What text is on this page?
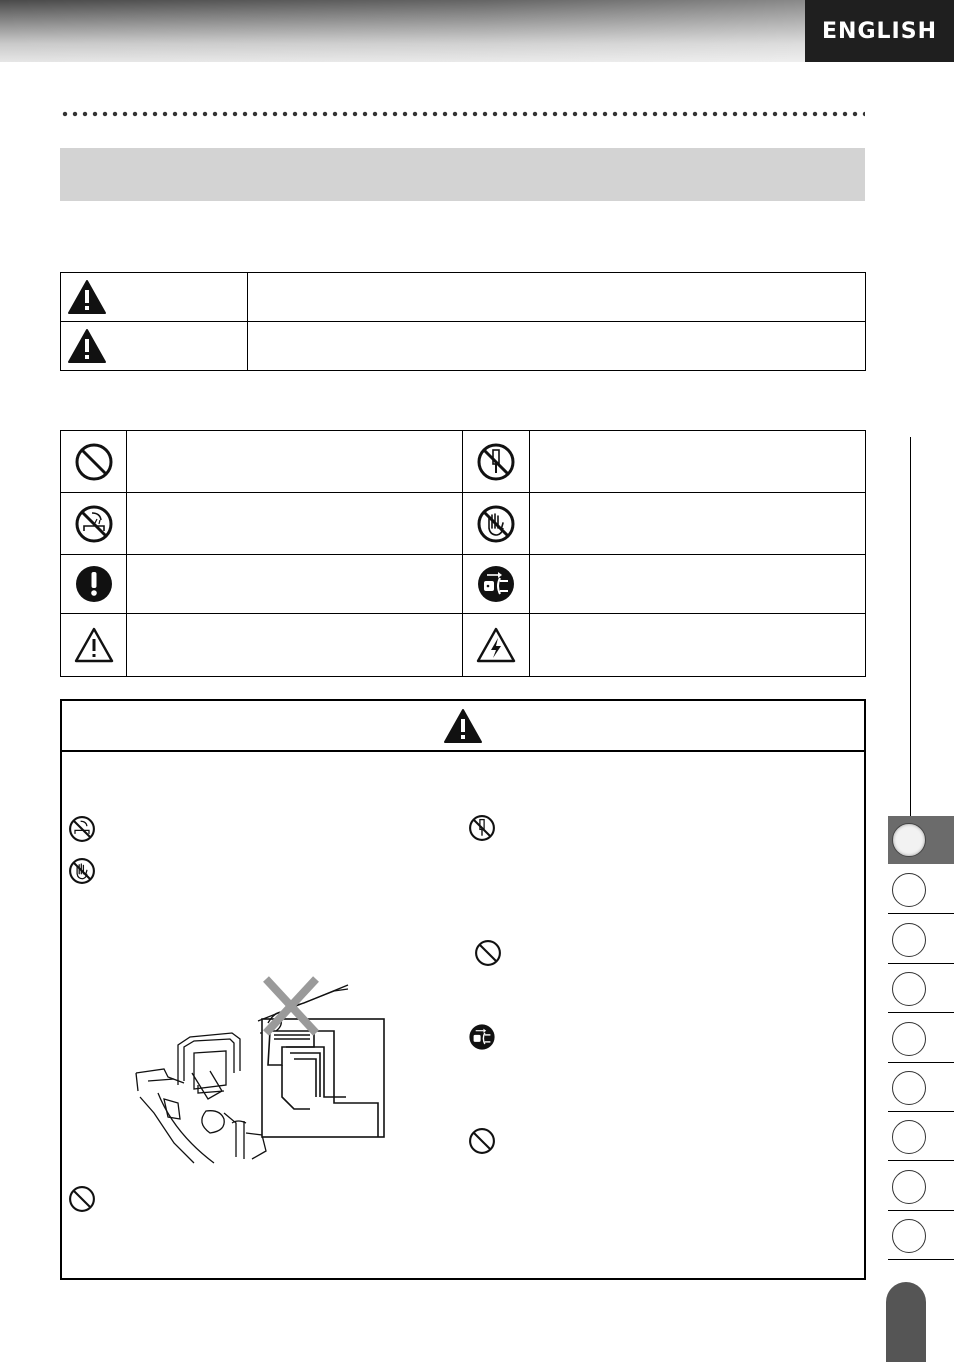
ENGLISH
